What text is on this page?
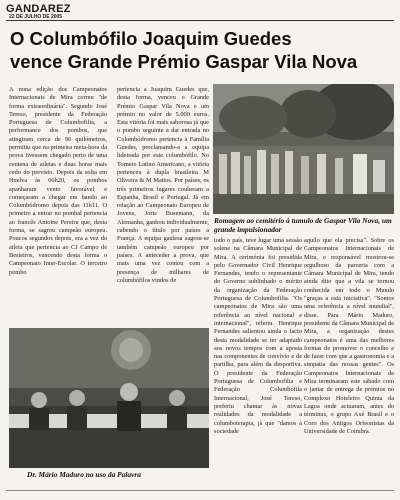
GANDAREZ
22 DE JULHO DE 2005
O Columbófilo Joaquim Guedes
vence Grande Prémio Gaspar Vila Nova
A nona edição dos Campeonatos Internacionais de Mira correu "de forma extraordinária". Segundo José Tereso, presidente da Federação Portuguesa de Columbofilia, a performance dos pombos, que atingiram cerca de 90 quilómetros, permitiu que na primeira meia-hora da prova tivessem chegado perto de uma centena de atletas e duas horas mais cedo do previsto. Depois da solta em Huelva às 06h20, os pombos apanharam vento favorável e começaram a chegar em bando ao Columbódromo depois das 11h11. O primeiro a entrar no pombal pertencia ao francês Antoine Pereira que, desta forma, se sagrou campeão europeu. Poucos segundos depois, era a vez do atleta que pertencia ao CJ Campo de Besteiros, vencendo desta forma o Campeonato Inter-Escolar. O terceiro pombo
pertencia a Joaquim Guedes que, desta forma, venceu o Grande Prémio Gaspar Vila Nova e um prémio no valor de 5.000 euros. Esta vitória foi mais saborosa já que o pombo seguinte a dar entrada no Columbódromo pertencia à Família Guedes, proclamando-a a equipa lideirada por este columbófilo. No Torneio Latino Americano, a vitória pertenceu à dupla brasileira M Oliveira & M Mattos. Por países, os três primeiros lugares couberam a Espanha, Brasil e Portugal. Já em relação ao Campeonato Europeu de Jovens, Joris Busemann, da Alemanha, ganhou individualmente, cabendo o título por países a França. A equipa gaulesa sagrou-se também campeão europeu por países. A anteceder a prova, que mais uma vez contou com a presença de milhares de columbófilos vindos de
Romagem ao cemitério à tumulo de Gaspar Vila Nova, um grande impulsionador
todo o país, teve lugar uma sessão solene na Câmara Municipal de Mira. A cerimónia foi presidida pelo Governador Civil Henrique Fernandes, tendo o representante do Governo sublinhado o mérito da organização da Federação Portuguesa de Columbofilia. "Os campeonatos de Mira são uma referência ao nível nacional e internacional", referiu. Henrique Fernandes salientou ainda o facto desta modalidade se ter adaptado aos novos tempos com a aposta nas componentes de convívio e de partilha, para além da desportiva. O presidente da Federação Portuguesa de Columbofilia e Federação Columbófila Internacional, José Tereso, preferiu chamar às novas realidades da modalidade a columboterapia, já que "damos à sociedade
aquilo que ela precisa". Sobre os Campeonatos Internacionais de Mira, o responsável mostrou-se orgulhoso da parceria com a Câmara Municipal de Mira, tendo ainda dito que a vila se tornou conhecida em todo o Mundo "graças a esta iniciativa". "Somos uma referência a nível mundial", disse. Para Mário Maduro, presidente da Câmara Municipal de Mira, a organização destes campeonatos é uma das melhores formas de promover o concelho e de fazer com que a gastronomia e a simpatia das nossas gentes". Os Campeonatos Internacionais de Mira terminaram este sábado com o jantar de entrega de prémios no Complexo Hoteleiro Quinta da Lagoa onde actuaram, antes do términus, o grupo Axé Brasil e o Coro dos Antigos Orfeonistas da Universidade de Coimbra.
Dr. Mário Maduro no uso da Palavra
